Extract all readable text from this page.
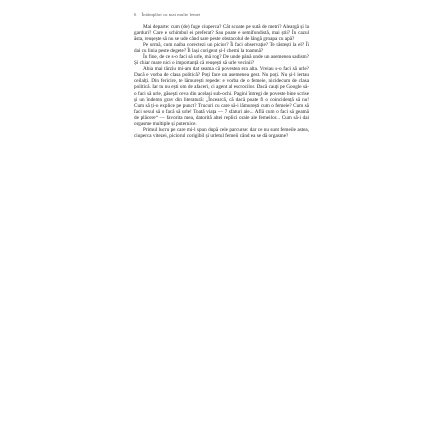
6 Întâmplări cu mai multe femei

Mai departe: cum (de) fuge ciuperca? Cât scoate pe sută de metri? Aleargă și la garduri? Care e schimbul ei preferat? Sau poate e semifondistă, mai știi? În cazul ăsta, reușește să nu se ude când sare peste obstacolul de lângă groapa cu apă?

Pe urmă, cum naiba corectezi un picior? Îi faci observație? Te răstești la el? Îi dai cu linia peste degete? Îl lași corigent și-l chemi la toamnă?

În fine, de ce s-o faci să urle, mă rog? De unde până unde un asemenea sadism? Și chiar mare nici o importanță că reușești să urle vecinii?

Abia mai târziu mi-am dat seama că povestea era alta. Vreiau s-o faci să urle? Dacă e vorba de clasa politică? Poți face un asemenea gest. Nu poți. Nu și-l iertau ceilalți. Din fericire, te lămurești repede: e vorba de o femeie, nicidecum de clasa politică. Iar tu nu ești om de afaceri, ci agent al escrocilor. Dacă cauți pe Google să-o faci să urle, găsești ceva din același sub-ochi. Pagini întregi de poveste bine scrise și un îndemn grav din literatură: „Încearcă, că dacă poate fi o coincidență să nu! Cum să ți-o explice pe punct? Trucuri cu care să-i lămurești cum o femeie? Cum să faci sexul să o facă să urle! Toată viața — 7 sfaturi ale... Află cum o faci să geamă de plăcere“ — favorita mea, datorită altei replici orale ale femeilor... Cum să-i dai orgasme multiple și puternice.

Primul lucru pe care mi-l spun după cele parcurse: dar ce nu sunt femeile astea, ciuperca vitezei, piciorul corigibil și urletul femeii când ea se dă orgasme?
